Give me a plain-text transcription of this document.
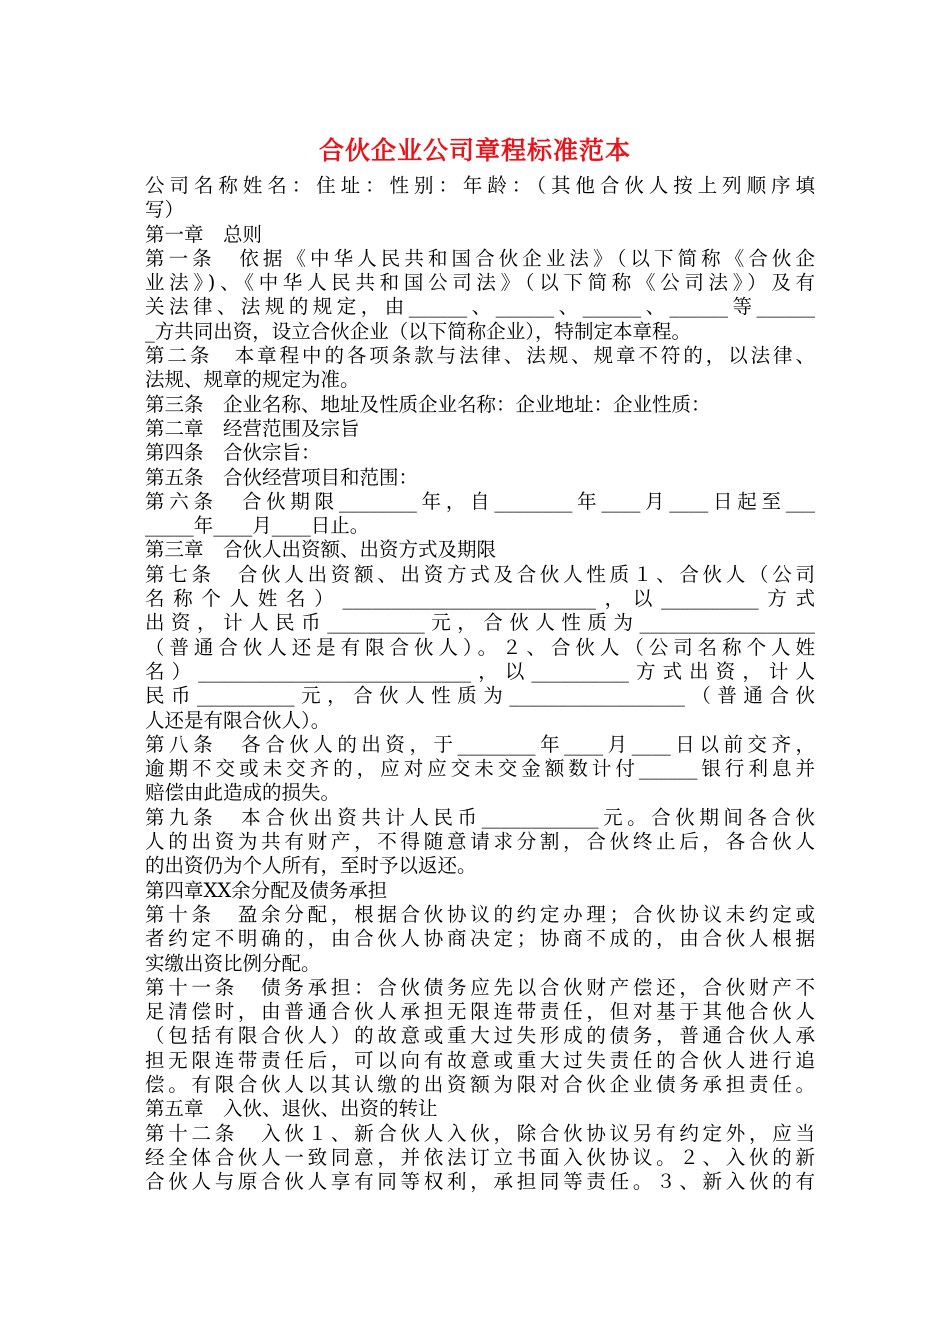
合伙企业公司章程标准范本
公司名称姓名：住址：性别：年龄：（其他合伙人按上列顺序填
写）
第一章　总则
第一条　依据《中华人民共和国合伙企业法》（以下简称《合伙企
业法》)、《中华人民共和国公司法》（以下简称《公司法》）及有
关法律、法规的规定，由______、______、______、______等______
_方共同出资，设立合伙企业（以下简称企业），特制定本章程。
第二条　本章程中的各项条款与法律、法规、规章不符的，以法律、
法规、规章的规定为准。
第三条　企业名称、地址及性质企业名称：企业地址：企业性质：
第二章　经营范围及宗旨
第四条　合伙宗旨：
第五条　合伙经营项目和范围：
第六条　合伙期限________年，自________年____月____日起至___
_____年____月____日止。
第三章　合伙人出资额、出资方式及期限
第七条　合伙人出资额、出资方式及合伙人性质１、合伙人（公司
名称个人姓名）__________________________，以__________方式
出资，计人民币__________元，合伙人性质为__________________
（普通合伙人还是有限合伙人）。２、合伙人（公司名称个人姓
名）____________________________，以__________方式出资，计人
民币__________元，合伙人性质为__________________（普通合伙
人还是有限合伙人）。
第八条　各合伙人的出资，于________年____月____日以前交齐，
逾期不交或未交齐的，应对应交未交金额数计付______银行利息并
赔偿由此造成的损失。
第九条　本合伙出资共计人民币____________元。合伙期间各合伙
人的出资为共有财产，不得随意请求分割，合伙终止后，各合伙人
的出资仍为个人所有，至时予以返还。
第四章XX余分配及债务承担
第十条　盈余分配，根据合伙协议的约定办理；合伙协议未约定或
者约定不明确的，由合伙人协商决定；协商不成的，由合伙人根据
实缴出资比例分配。
第十一条　债务承担：合伙债务应先以合伙财产偿还，合伙财产不
足清偿时，由普通合伙人承担无限连带责任，但对基于其他合伙人
（包括有限合伙人）的故意或重大过失形成的债务，普通合伙人承
担无限连带责任后，可以向有故意或重大过失责任的合伙人进行追
偿。有限合伙人以其认缴的出资额为限对合伙企业债务承担责任。
第五章　入伙、退伙、出资的转让
第十二条　入伙１、新合伙人入伙，除合伙协议另有约定外，应当
经全体合伙人一致同意，并依法订立书面入伙协议。２、入伙的新
合伙人与原合伙人享有同等权利，承担同等责任。３、新入伙的有
